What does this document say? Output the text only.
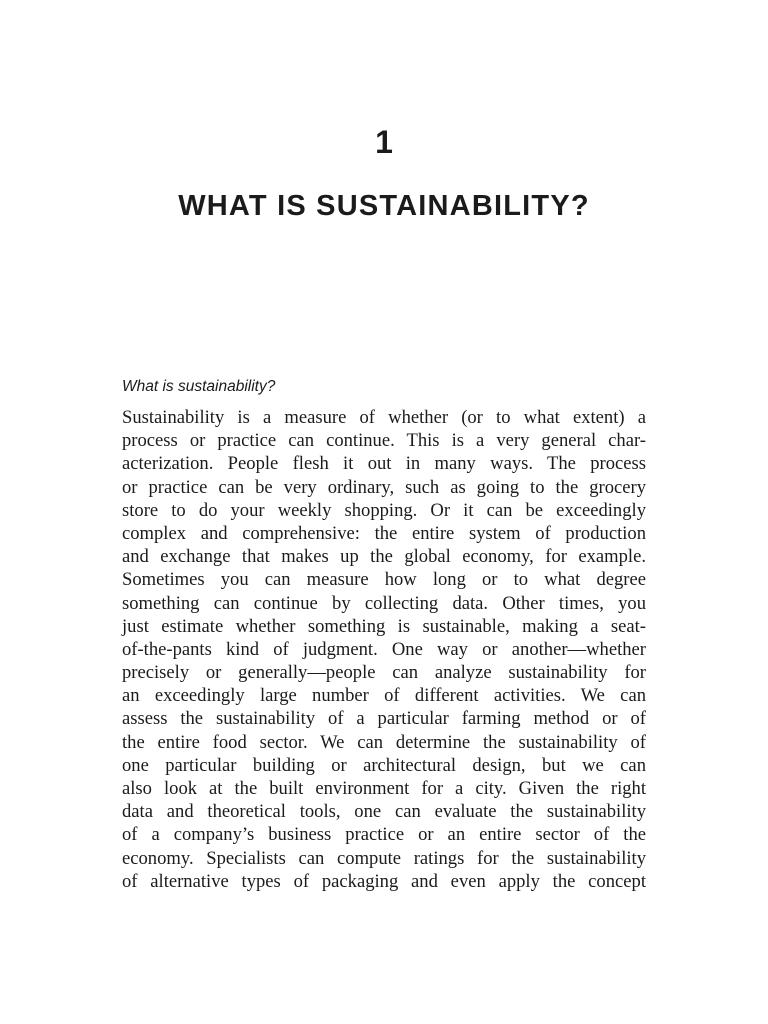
1
WHAT IS SUSTAINABILITY?
What is sustainability?
Sustainability is a measure of whether (or to what extent) a
process or practice can continue. This is a very general char-
acterization. People flesh it out in many ways. The process
or practice can be very ordinary, such as going to the grocery
store to do your weekly shopping. Or it can be exceedingly
complex and comprehensive: the entire system of production
and exchange that makes up the global economy, for example.
Sometimes you can measure how long or to what degree
something can continue by collecting data. Other times, you
just estimate whether something is sustainable, making a seat-
of-the-pants kind of judgment. One way or another—whether
precisely or generally—people can analyze sustainability for
an exceedingly large number of different activities. We can
assess the sustainability of a particular farming method or of
the entire food sector. We can determine the sustainability of
one particular building or architectural design, but we can
also look at the built environment for a city. Given the right
data and theoretical tools, one can evaluate the sustainability
of a company’s business practice or an entire sector of the
economy. Specialists can compute ratings for the sustainability
of alternative types of packaging and even apply the concept
